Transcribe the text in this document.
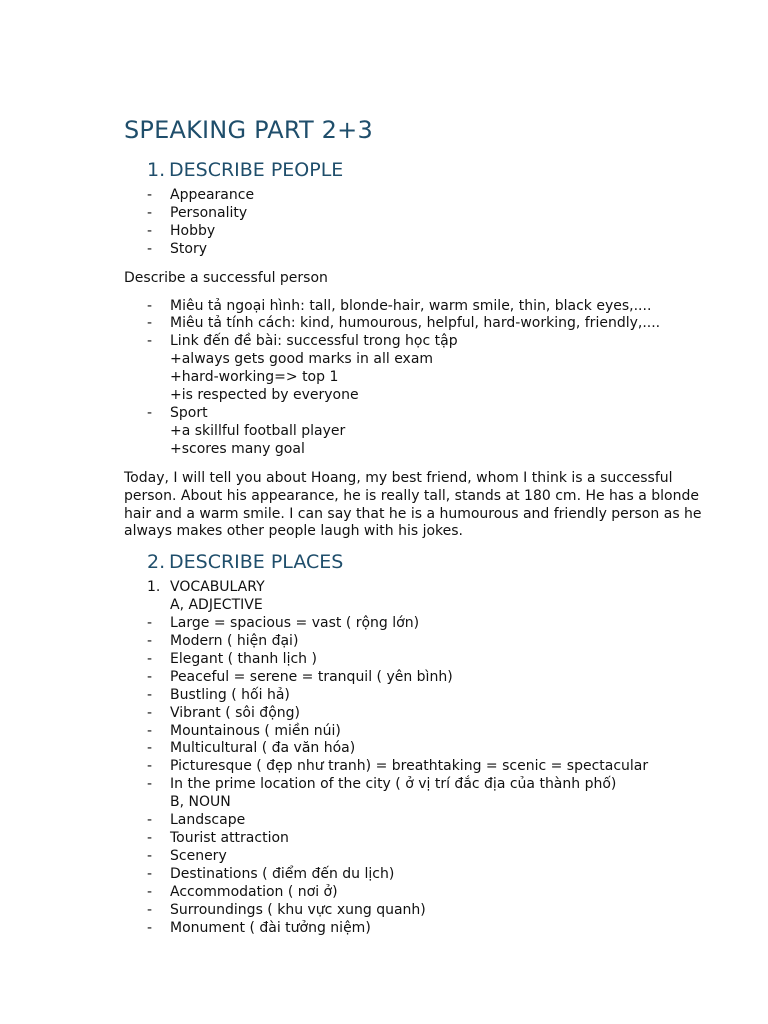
SPEAKING PART 2+3
1. DESCRIBE PEOPLE
- Appearance
- Personality
- Hobby
- Story

Describe a successful person

- Miêu tả ngoại hình: tall, blonde-hair, warm smile, thin, black eyes,....
- Miêu tả tính cách: kind, humourous, helpful, hard-working, friendly,....
- Link đến đề bài: successful trong học tập
+always gets good marks in all exam
+hard-working=> top 1
+is respected by everyone
- Sport
+a skillful football player
+scores many goal

Today, I will tell you about Hoang, my best friend, whom I think is a successful person. About his appearance, he is really tall, stands at 180 cm. He has a blonde hair and a warm smile. I can say that he is a humourous and friendly person as he always makes other people laugh with his jokes.

2. DESCRIBE PLACES
1. VOCABULARY
A, ADJECTIVE
- Large = spacious = vast ( rộng lớn)
- Modern ( hiện đại)
- Elegant ( thanh lịch )
- Peaceful = serene = tranquil ( yên bình)
- Bustling ( hối hả)
- Vibrant ( sôi động)
- Mountainous ( miền núi)
- Multicultural ( đa văn hóa)
- Picturesque ( đẹp như tranh) = breathtaking = scenic = spectacular
- In the prime location of the city ( ở vị trí đắc địa của thành phố)
B, NOUN
- Landscape
- Tourist attraction
- Scenery
- Destinations ( điểm đến du lịch)
- Accommodation ( nơi ở)
- Surroundings ( khu vực xung quanh)
- Monument ( đài tưởng niệm)
